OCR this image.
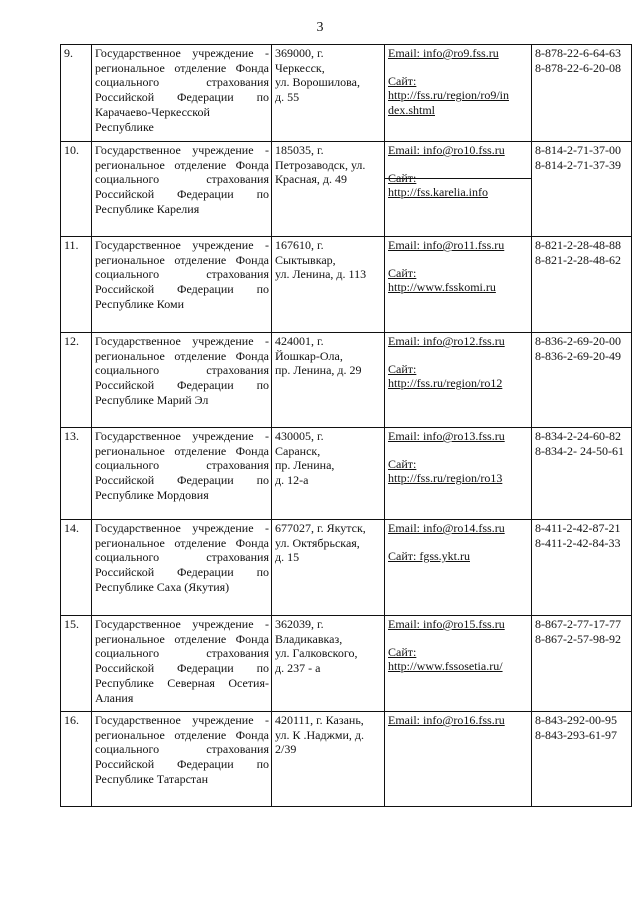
3
9.	Государственное учреждение - региональное отделение Фонда социального страхования Российской Федерации по Карачаево-Черкесской Республике	369000, г.
Черкесск,
ул. Ворошилова,
д. 55	Email: info@ro9.fss.ru
Сайт:
http://fss.ru/region/ro9/in
dex.shtml	8-878-22-6-64-63
8-878-22-6-20-08

10.	Государственное учреждение - региональное отделение Фонда социального страхования Российской Федерации по Республике Карелия	185035, г.
Петрозаводск, ул.
Красная, д. 49	Email: info@ro10.fss.ru
Сайт:
http://fss.karelia.info	8-814-2-71-37-00
8-814-2-71-37-39

11.	Государственное учреждение - региональное отделение Фонда социального страхования Российской Федерации по Республике Коми	167610, г.
Сыктывкар,
ул. Ленина, д. 113	Email: info@ro11.fss.ru
Сайт:
http://www.fsskomi.ru	8-821-2-28-48-88
8-821-2-28-48-62

12.	Государственное учреждение - региональное отделение Фонда социального страхования Российской Федерации по Республике Марий Эл	424001, г.
Йошкар-Ола,
пр. Ленина, д. 29	Email: info@ro12.fss.ru
Сайт:
http://fss.ru/region/ro12	8-836-2-69-20-00
8-836-2-69-20-49

13.	Государственное учреждение - региональное отделение Фонда социального страхования Российской Федерации по Республике Мордовия	430005, г.
Саранск,
пр. Ленина,
д. 12-а	Email: info@ro13.fss.ru
Сайт:
http://fss.ru/region/ro13	8-834-2-24-60-82
8-834-2- 24-50-61

14.	Государственное учреждение - региональное отделение Фонда социального страхования Российской Федерации по Республике Саха (Якутия)	677027, г. Якутск,
ул. Октябрьская,
д. 15	Email: info@ro14.fss.ru
Сайт: fgss.ykt.ru	8-411-2-42-87-21
8-411-2-42-84-33

15.	Государственное учреждение - региональное отделение Фонда социального страхования Российской Федерации по Республике Северная Осетия-Алания	362039, г.
Владикавказ,
ул. Галковского,
д. 237 - а	Email: info@ro15.fss.ru
Сайт:
http://www.fssosetia.ru/	8-867-2-77-17-77
8-867-2-57-98-92

16.	Государственное учреждение - региональное отделение Фонда социального страхования Российской Федерации по Республике Татарстан	420111, г. Казань,
ул. К .Наджми, д.
2/39	Email: info@ro16.fss.ru	8-843-292-00-95
8-843-293-61-97
